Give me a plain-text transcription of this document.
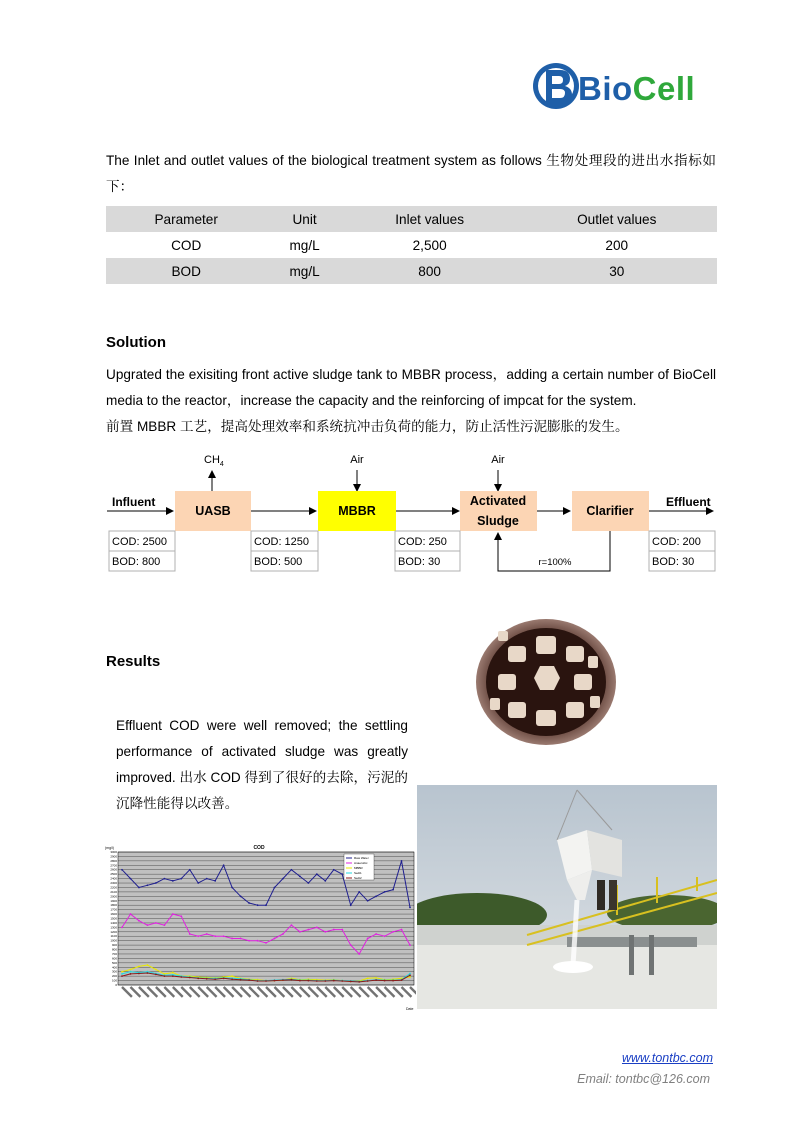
BioCell
The Inlet and outlet values of the biological treatment system as follows 生物处理段的进出水指标如下：
Parameter	Unit	Inlet values	Outlet values
COD	mg/L	2,500	200
BOD	mg/L	800	30
Solution
Upgrated the exisiting front active sludge tank to MBBR process，adding a certain number of BioCell media to the reactor，increase the capacity and the reinforcing of impcat for the system.
前置 MBBR 工艺，提高处理效率和系统抗冲击负荷的能力，防止活性污泥膨胀的发生。
UASB	MBBR
Activated
Sludge
Clarifier
Influent	Effluent
$CH_4$	Air	Air
r=100%
COD: 2500
BOD: 800
COD: 1250
BOD: 500
COD: 250
BOD: 30
COD: 200
BOD: 30
Results
Effluent COD were well removed; the settling performance of activated sludge was greatly improved. 出水 COD 得到了很好的去除，污泥的沉降性能得以改善。
0
100
200
300
400
500
600
700
800
900
1000
1100
1200
1300
1400
1500
1600
1700
1800
1900
2000
2100
2200
2300
2400
2500
2600
2700
2800
2900
3000
Raw Water
Anaerobic
MBBR
Sedi1
Sedi2
COD
(mg/l)
Date
www.tontbc.com
Email: tontbc@126.com
